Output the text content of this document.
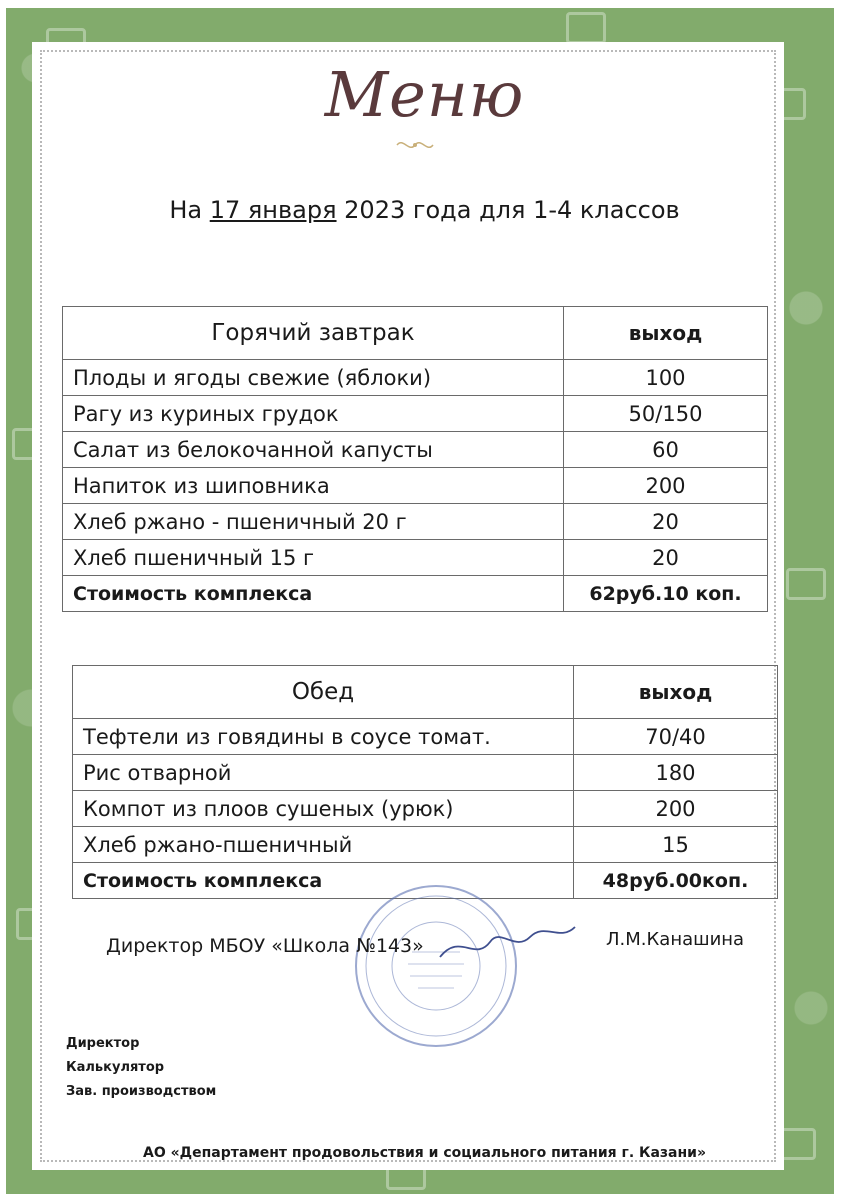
Меню
На 17 января 2023 года для 1-4 классов
Горячий завтрак	выход
Плоды и ягоды свежие (яблоки)	100
Рагу из куриных грудок	50/150
Салат из белокочанной капусты	60
Напиток из шиповника	200
Хлеб ржано - пшеничный 20 г	20
Хлеб пшеничный 15 г	20
Стоимость комплекса	62руб.10 коп.
Обед	выход
Тефтели из говядины в соусе томат.	70/40
Рис отварной	180
Компот из плоов сушеных (урюк)	200
Хлеб ржано-пшеничный	15
Стоимость комплекса	48руб.00коп.
Директор МБОУ «Школа №143»	Л.М.Канашина
Директор
Калькулятор
Зав. производством
АО «Департамент продовольствия и социального питания г. Казани»
